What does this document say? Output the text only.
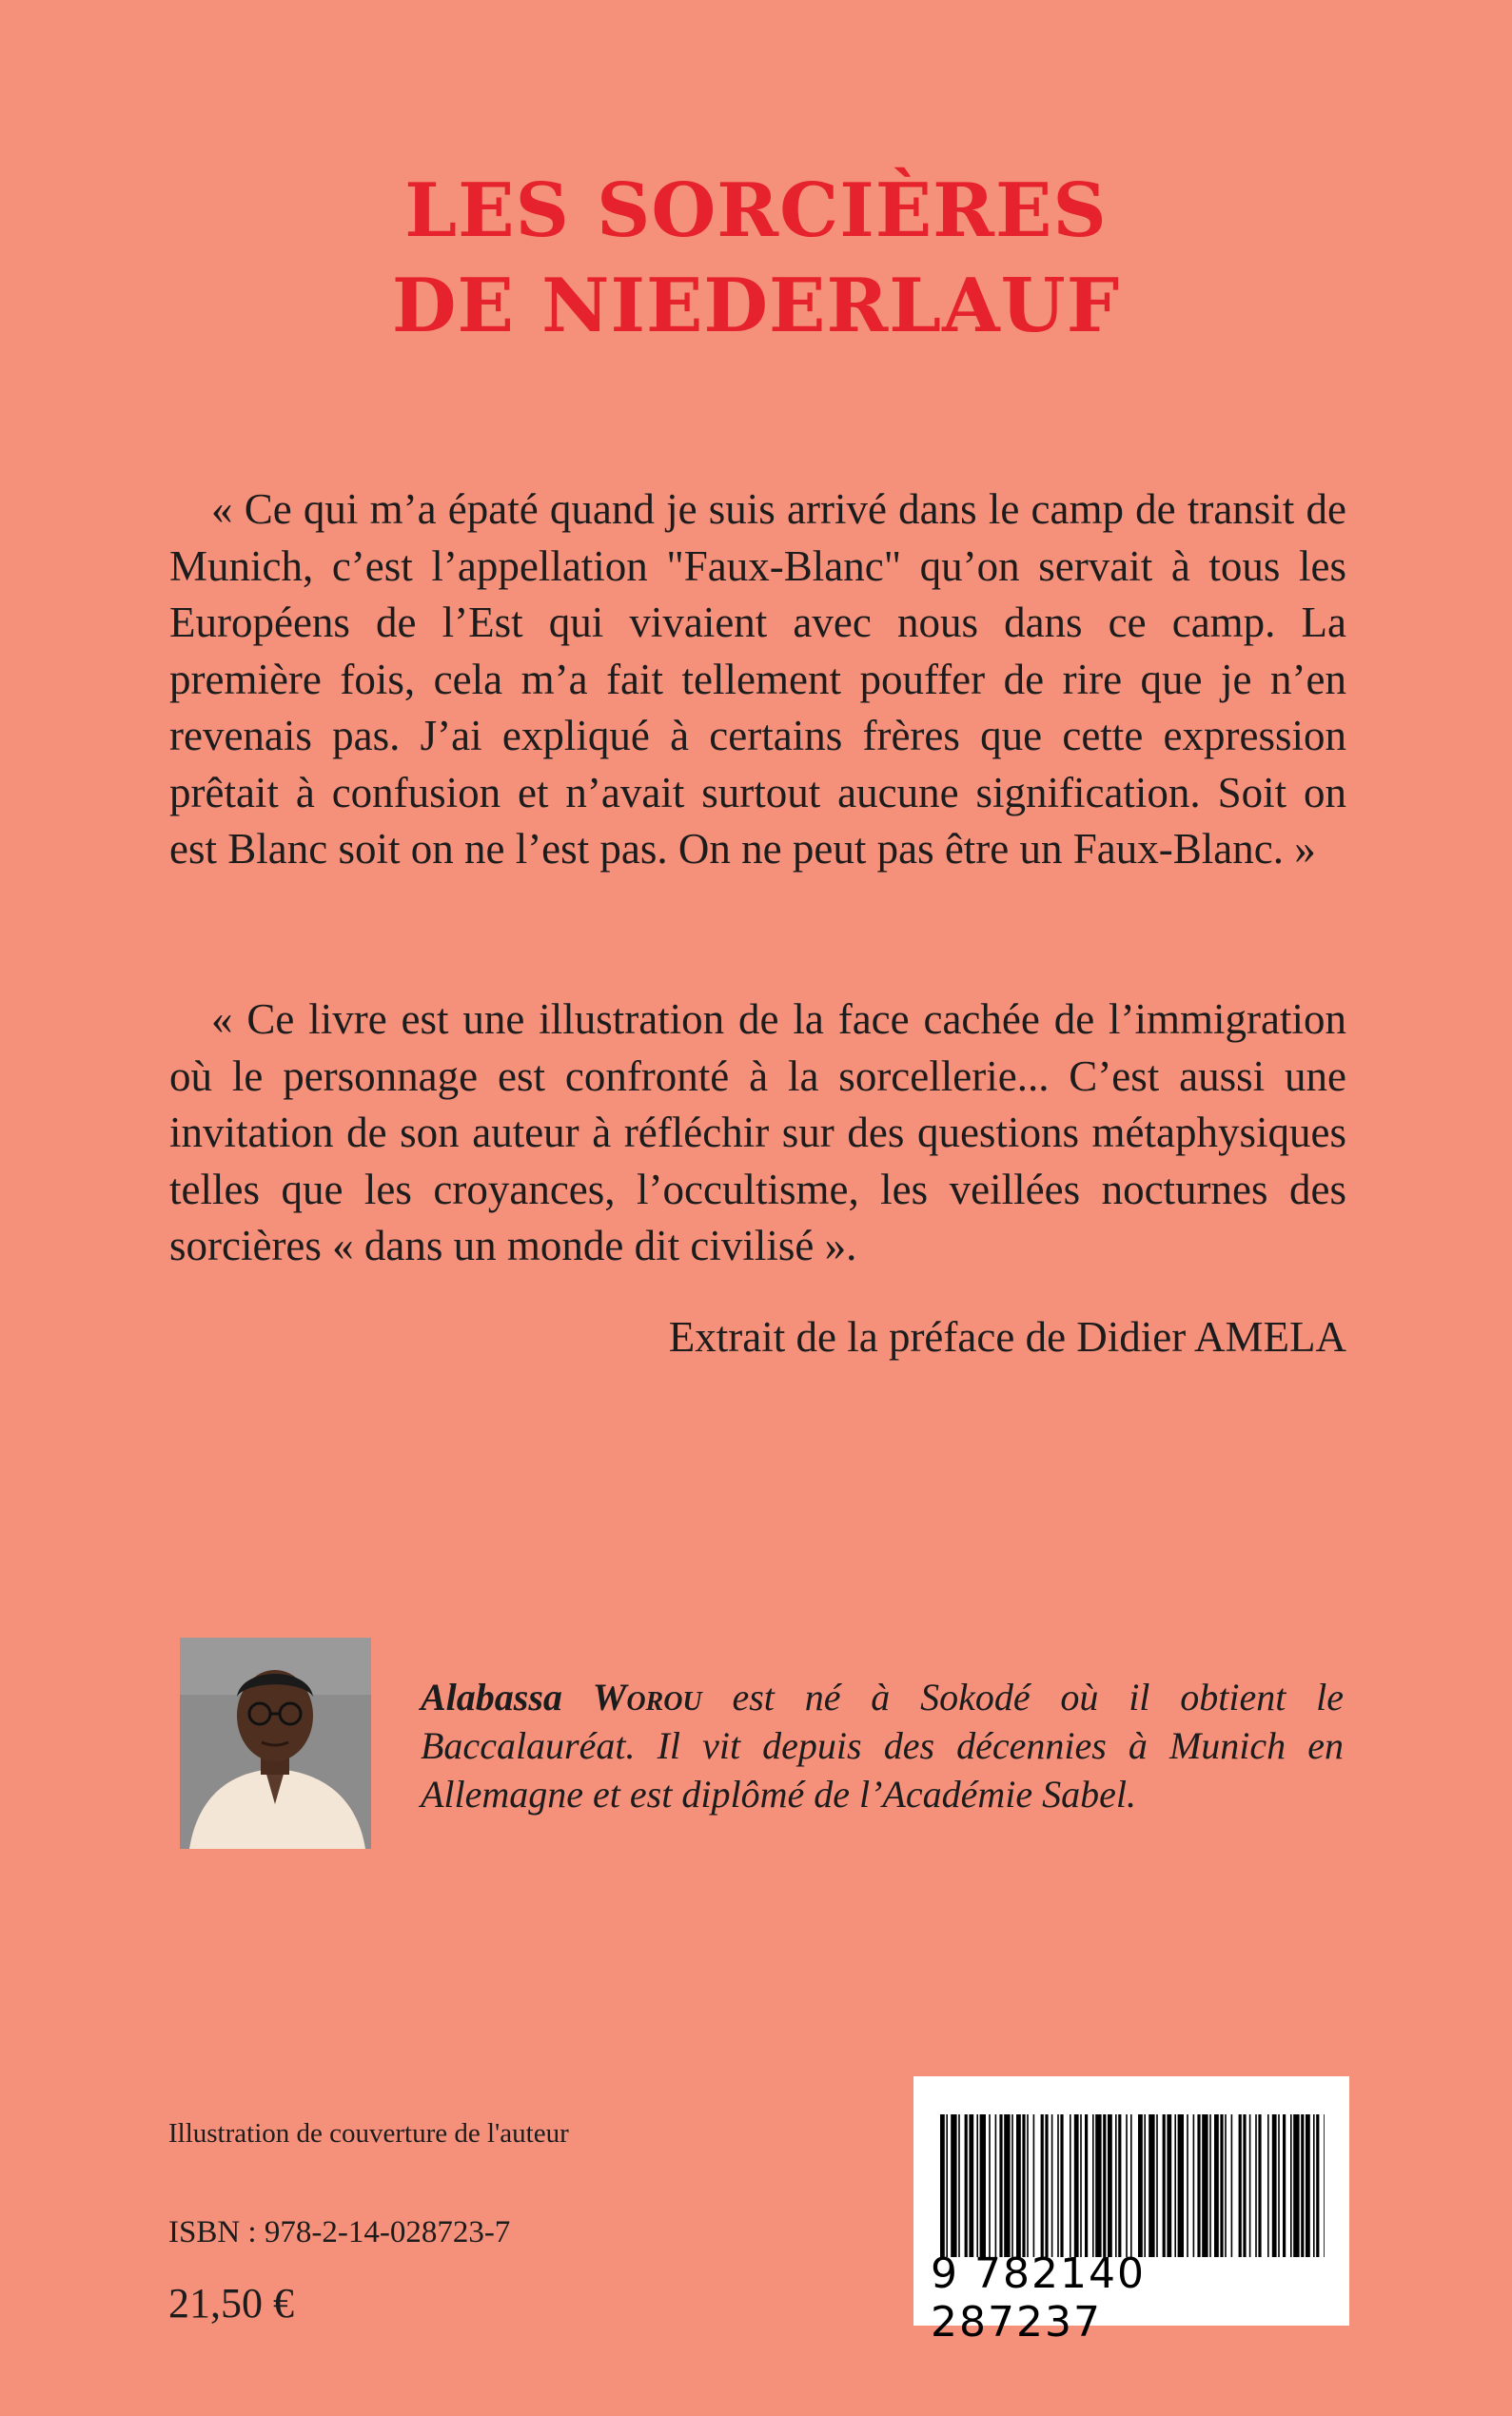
LES SORCIÈRES
DE NIEDERLAUF

« Ce qui m’a épaté quand je suis arrivé dans le camp de transit de Munich, c’est l’appellation "Faux-Blanc" qu’on servait à tous les Européens de l’Est qui vivaient avec nous dans ce camp. La première fois, cela m’a fait tellement pouffer de rire que je n’en revenais pas. J’ai expliqué à certains frères que cette expression prêtait à confusion et n’avait surtout aucune signification. Soit on est Blanc soit on ne l’est pas. On ne peut pas être un Faux-Blanc. »

« Ce livre est une illustration de la face cachée de l’immigration où le personnage est confronté à la sorcellerie... C’est aussi une invitation de son auteur à réfléchir sur des questions métaphysiques telles que les croyances, l’occultisme, les veillées nocturnes des sorcières « dans un monde dit civilisé ».

Extrait de la préface de Didier AMELA
Alabassa Worou est né à Sokodé où il obtient le Baccalauréat. Il vit depuis des décennies à Munich en Allemagne et est diplômé de l’Académie Sabel.
Illustration de couverture de l'auteur
ISBN : 978-2-14-028723-7
21,50 €
9 782140 287237
